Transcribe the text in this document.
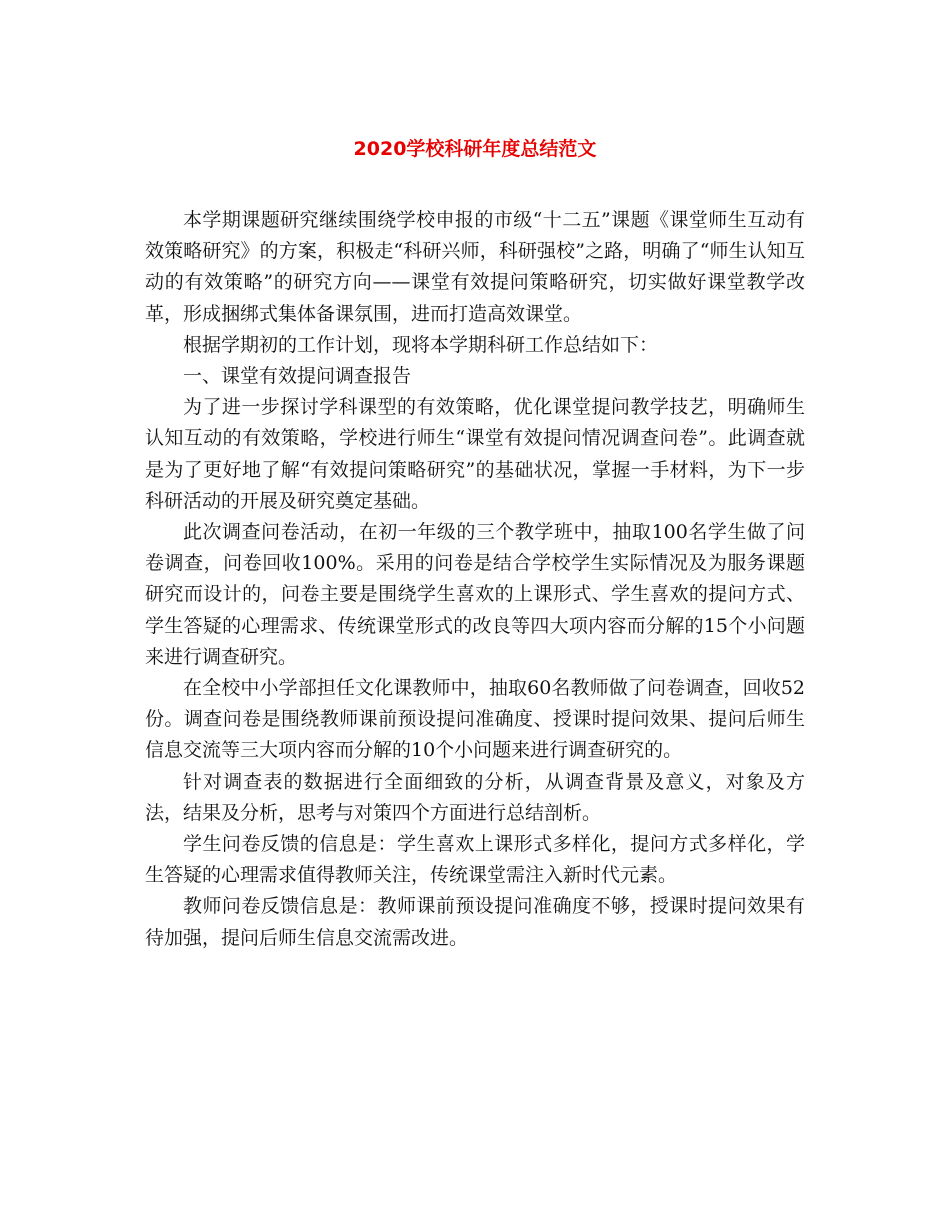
2020学校科研年度总结范文

本学期课题研究继续围绕学校申报的市级“十二五”课题《课堂师生互动有效策略研究》的方案，积极走“科研兴师，科研强校”之路，明确了“师生认知互动的有效策略”的研究方向——课堂有效提问策略研究，切实做好课堂教学改革，形成捆绑式集体备课氛围，进而打造高效课堂。

根据学期初的工作计划，现将本学期科研工作总结如下：

一、课堂有效提问调查报告

为了进一步探讨学科课型的有效策略，优化课堂提问教学技艺，明确师生认知互动的有效策略，学校进行师生“课堂有效提问情况调查问卷”。此调查就是为了更好地了解“有效提问策略研究”的基础状况，掌握一手材料，为下一步科研活动的开展及研究奠定基础。

此次调查问卷活动，在初一年级的三个教学班中，抽取100名学生做了问卷调查，问卷回收100%。采用的问卷是结合学校学生实际情况及为服务课题研究而设计的，问卷主要是围绕学生喜欢的上课形式、学生喜欢的提问方式、学生答疑的心理需求、传统课堂形式的改良等四大项内容而分解的15个小问题来进行调查研究。

在全校中小学部担任文化课教师中，抽取60名教师做了问卷调查，回收52份。调查问卷是围绕教师课前预设提问准确度、授课时提问效果、提问后师生信息交流等三大项内容而分解的10个小问题来进行调查研究的。

针对调查表的数据进行全面细致的分析，从调查背景及意义，对象及方法，结果及分析，思考与对策四个方面进行总结剖析。

学生问卷反馈的信息是：学生喜欢上课形式多样化，提问方式多样化，学生答疑的心理需求值得教师关注，传统课堂需注入新时代元素。

教师问卷反馈信息是：教师课前预设提问准确度不够，授课时提问效果有待加强，提问后师生信息交流需改进。
